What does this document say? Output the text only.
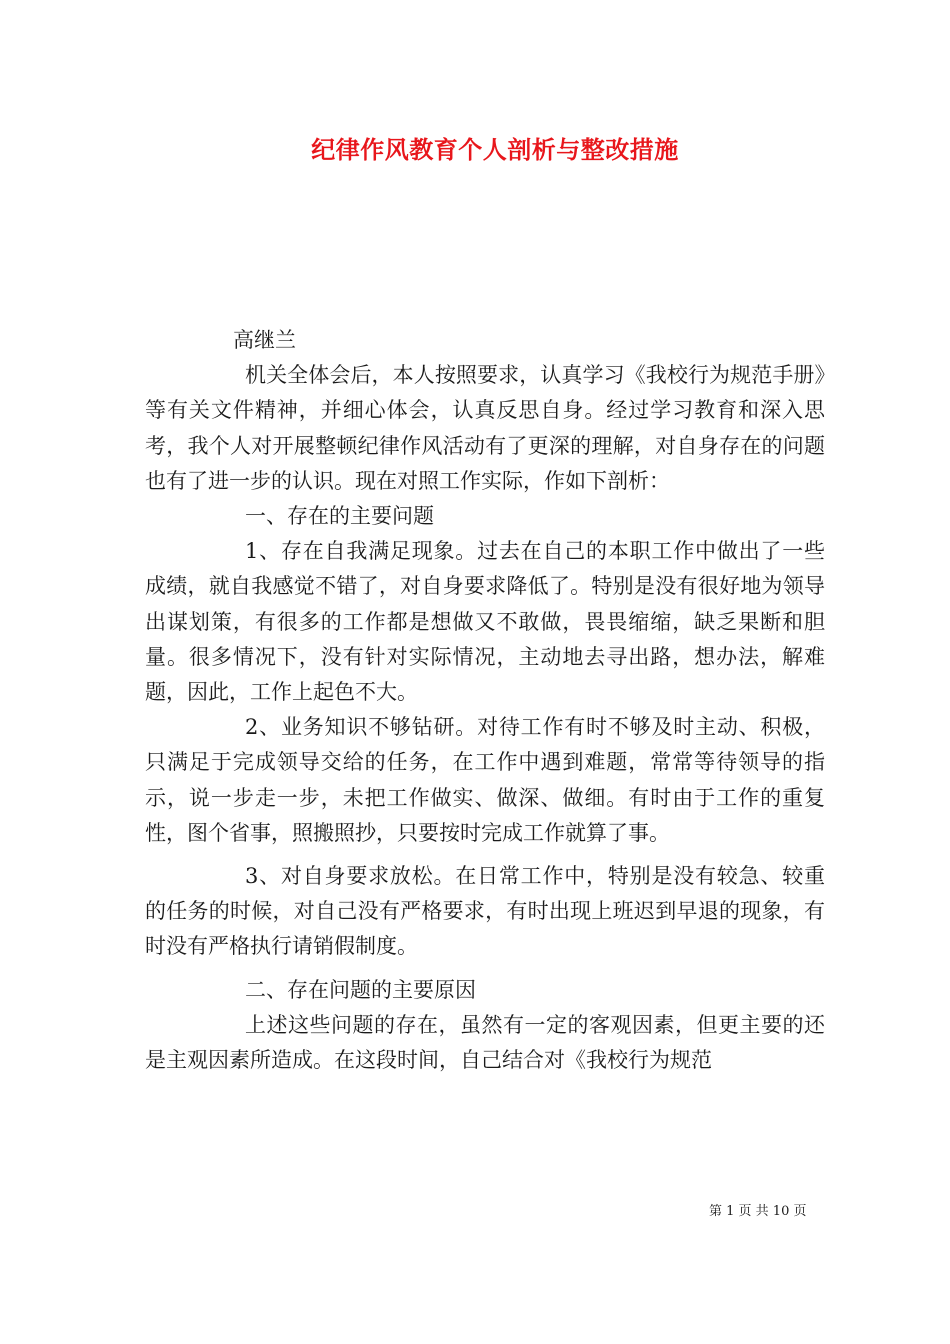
纪律作风教育个人剖析与整改措施

高继兰

机关全体会后，本人按照要求，认真学习《我校行为规范手册》等有关文件精神，并细心体会，认真反思自身。经过学习教育和深入思考，我个人对开展整顿纪律作风活动有了更深的理解，对自身存在的问题也有了进一步的认识。现在对照工作实际，作如下剖析：

一、存在的主要问题

1、存在自我满足现象。过去在自己的本职工作中做出了一些成绩，就自我感觉不错了，对自身要求降低了。特别是没有很好地为领导出谋划策，有很多的工作都是想做又不敢做，畏畏缩缩，缺乏果断和胆量。很多情况下，没有针对实际情况，主动地去寻出路，想办法，解难题，因此，工作上起色不大。

2、业务知识不够钻研。对待工作有时不够及时主动、积极，只满足于完成领导交给的任务，在工作中遇到难题，常常等待领导的指示，说一步走一步，未把工作做实、做深、做细。有时由于工作的重复性，图个省事，照搬照抄，只要按时完成工作就算了事。

3、对自身要求放松。在日常工作中，特别是没有较急、较重的任务的时候，对自己没有严格要求，有时出现上班迟到早退的现象，有时没有严格执行请销假制度。

二、存在问题的主要原因

上述这些问题的存在，虽然有一定的客观因素，但更主要的还是主观因素所造成。在这段时间，自己结合对《我校行为规范

第 1 页 共 10 页
